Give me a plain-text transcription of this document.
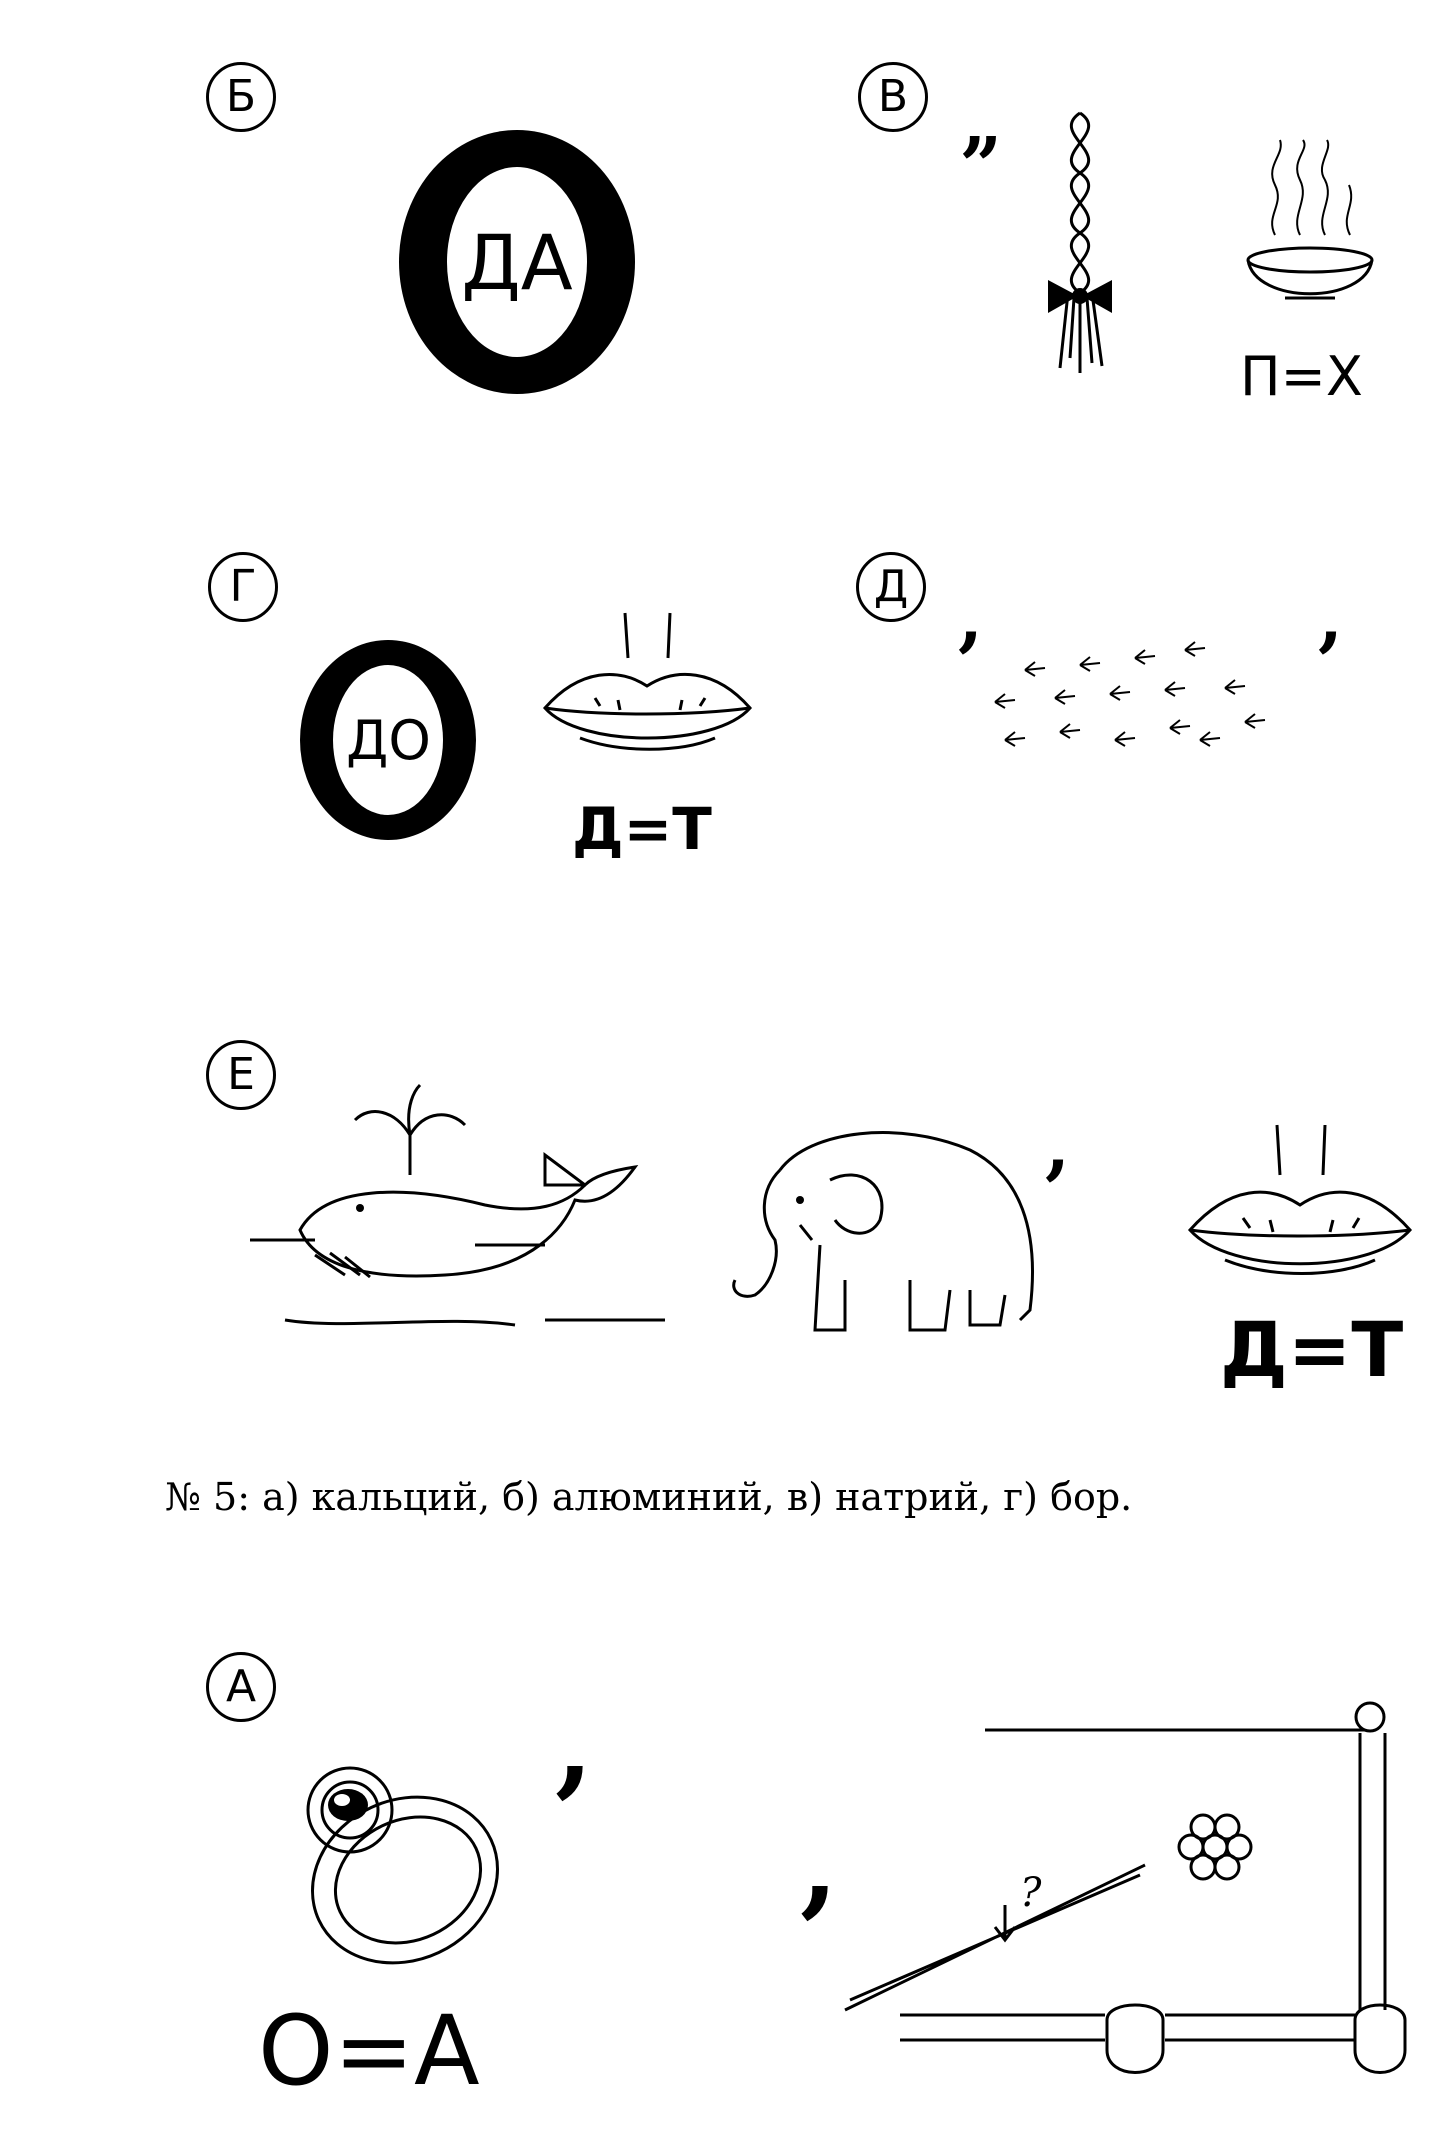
Б
ДА
В ,,
П=Х
Г
ДО
Д=Т
Д ,	,
Е
,
Д=Т
№ 5: а) кальций, б) алюминий, в) натрий, г) бор.
А	,
О=А
,	?
